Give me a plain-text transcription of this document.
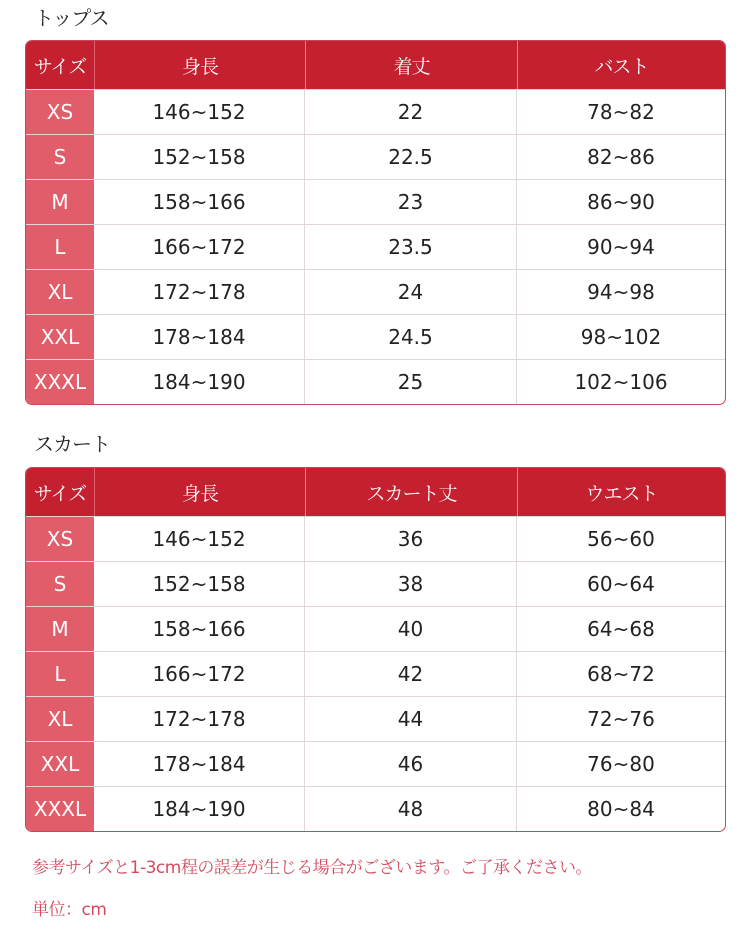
トップス
サイズ	身長	着丈	バスト
XS	146~152	22	78~82
S	152~158	22.5	82~86
M	158~166	23	86~90
L	166~172	23.5	90~94
XL	172~178	24	94~98
XXL	178~184	24.5	98~102
XXXL	184~190	25	102~106
スカート
サイズ	身長	スカート丈	ウエスト
XS	146~152	36	56~60
S	152~158	38	60~64
M	158~166	40	64~68
L	166~172	42	68~72
XL	172~178	44	72~76
XXL	178~184	46	76~80
XXXL	184~190	48	80~84
参考サイズと1-3cm程の誤差が生じる場合がございます。ご了承ください。
単位：cm
